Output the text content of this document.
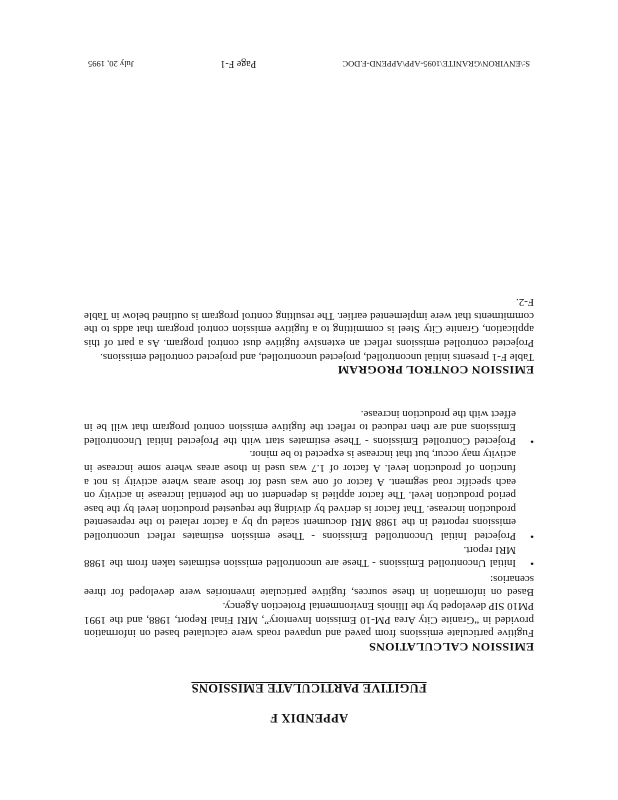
APPENDIX F

FUGITIVE PARTICULATE EMISSIONS

EMISSION CALCULATIONS

Fugitive particulate emissions from paved and unpaved roads were calculated based on information provided in “Granite City Area PM-10 Emission Inventory”, MRI Final Report, 1988, and the 1991 PM10 SIP developed by the Illinois Environmental Protection Agency.

Based on information in these sources, fugitive particulate inventories were developed for three scenarios:

• Initial Uncontrolled Emissions - These are uncontrolled emission estimates taken from the 1988 MRI report.
• Projected Initial Uncontrolled Emissions - These emission estimates reflect uncontrolled emissions reported in the 1988 MRI document scaled up by a factor related to the represented production increase. That factor is derived by dividing the requested production level by the base period production level. The factor applied is dependent on the potential increase in activity on each specific road segment. A factor of one was used for those areas where activity is not a function of production level. A factor of 1.7 was used in those areas where some increase in activity may occur, but that increase is expected to be minor.
• Projected Controlled Emissions - These estimates start with the Projected Initial Uncontrolled Emissions and are then reduced to reflect the fugitive emission control program that will be in effect with the production increase.

EMISSION CONTROL PROGRAM

Table F-1 presents initial uncontrolled, projected uncontrolled, and projected controlled emissions.

Projected controlled emissions reflect an extensive fugitive dust control program. As a part of this application, Granite City Steel is committing to a fugitive emission control program that adds to the commitments that were implemented earlier. The resulting control program is outlined below in Table F-2.

S:\ENVIRON\GRANITE\1095-APP\APPEND-F.DOC
Page F-1
July 20, 1995
